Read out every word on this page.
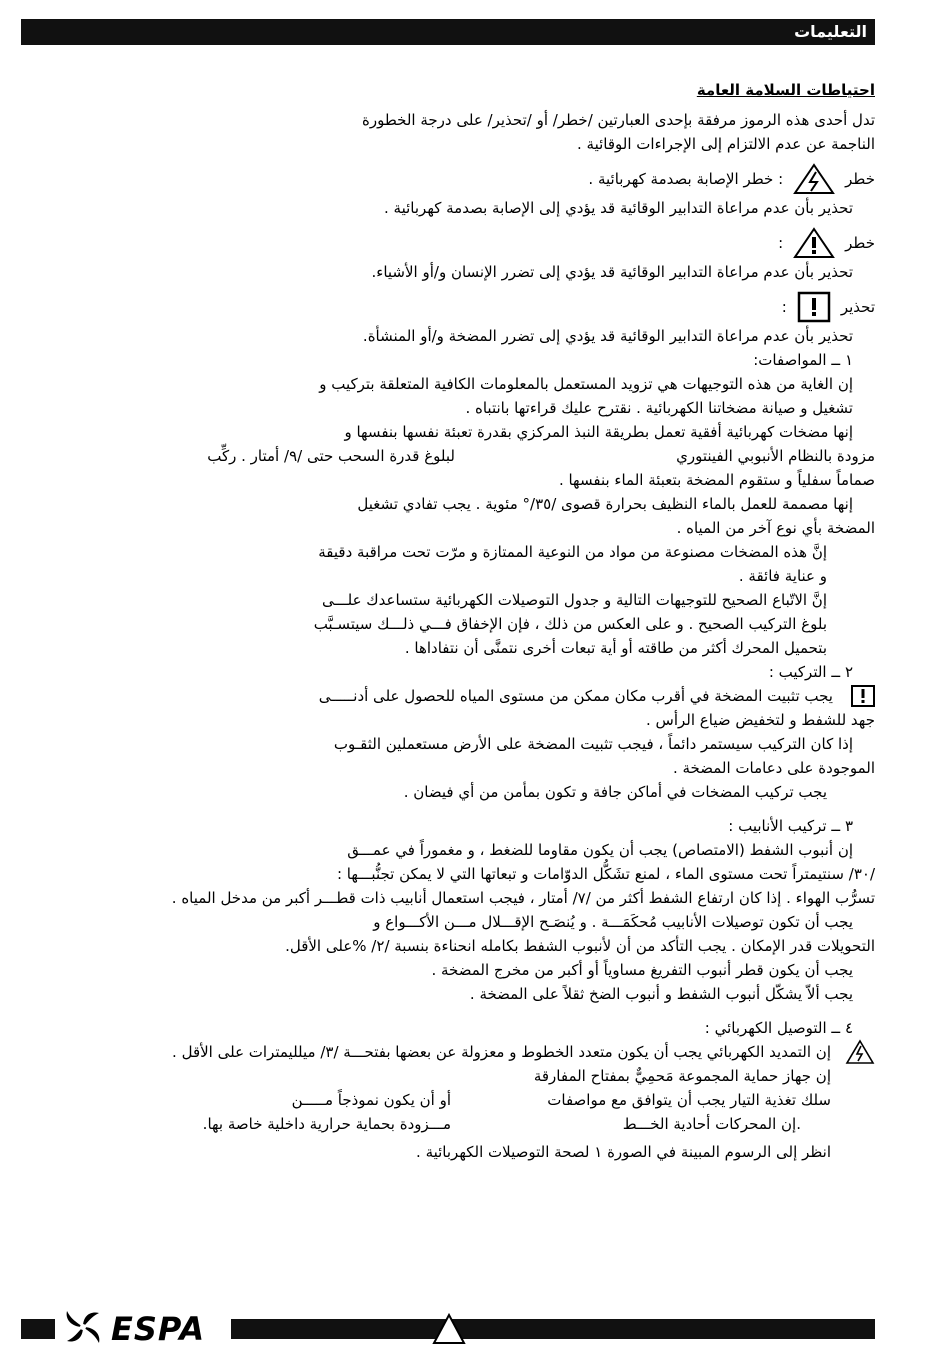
التعليمات
احتياطات السلامة العامة
تدل أحدى هذه الرموز مرفقة بإحدى العبارتين /خطر/ أو /تحذير/ على درجة الخطورة
الناجمة عن عدم الالتزام إلى الإجراءات الوقائية .
خطر
: خطر الإصابة بصدمة كهربائية .
تحذير بأن عدم مراعاة التدابير الوقائية قد يؤدي إلى الإصابة بصدمة كهربائية .
خطر
:
تحذير بأن عدم مراعاة التدابير الوقائية قد يؤدي إلى تضرر الإنسان و/أو الأشياء.
تحذير
:
تحذير بأن عدم مراعاة التدابير الوقائية قد يؤدي إلى تضرر المضخة و/أو المنشأة.
١ ــ المواصفات:
إن الغاية من هذه التوجيهات هي تزويد المستعمل بالمعلومات الكافية المتعلقة بتركيب و
تشغيل و صيانة مضخاتنا الكهربائية . نقترح عليك قراءتها بانتباه .
إنها مضخات كهربائية أفقية تعمل بطريقة النبذ المركزي بقدرة تعبئة نفسها بنفسها و
مزودة بالنظام الأنبوبي الفينتوري
لبلوغ قدرة السحب حتى /٩/ أمتار . ركِّب
صماماً سفلياً و ستقوم المضخة بتعبئة الماء بنفسها .
إنها مصممة للعمل بالماء النظيف بحرارة قصوى /٣٥/° مئوية . يجب تفادي تشغيل
المضخة بأي نوع آخر من المياه .
إنَّ هذه المضخات مصنوعة من مواد من النوعية الممتازة و مرّت تحت مراقبة دقيقة
و عناية فائقة .
إنَّ الاتّباع الصحيح للتوجيهات التالية و جدول التوصيلات الكهربائية ستساعدك علـــى
بلوغ التركيب الصحيح . و على العكس من ذلك ، فإن الإخفاق فـــي ذلـــك سيتسـبَّب
بتحميل المحرك أكثر من طاقته أو أية تبعات أخرى نتمنَّى أن نتفاداها .
٢ ــ التركيب :
يجب تثبيت المضخة في أقرب مكان ممكن من مستوى المياه للحصول على أدنـــــى
جهد للشفط و لتخفيض ضياع الرأس .
إذا كان التركيب سيستمر دائماً ، فيجب تثبيت المضخة على الأرض مستعملين الثقـوب
الموجودة على دعامات المضخة .
يجب تركيب المضخات في أماكن جافة و تكون بمأمن من أي فيضان .
٣ ــ تركيب الأنابيب :
إن أنبوب الشفط (الامتصاص) يجب أن يكون مقاوما للضغط ، و مغموراً في عمـــق
/٣٠/ سنتيمتراً تحت مستوى الماء ، لمنع تشَكُّل الدوّامات و تبعاتها التي لا يمكن تجنُّبـــها :
تسرُّب الهواء . إذا كان ارتفاع الشفط أكثر من /٧/ أمتار ، فيجب استعمال أنابيب ذات قطـــر أكبر من مدخل المياه .
يجب أن تكون توصيلات الأنابيب مُحكَمَـــة . و يُنصَـح الإقـــلال مـــن الأكـــواع و
التحويلات قدر الإمكان . يجب التأكد من أن لأنبوب الشفط بكامله انحناءة بنسبة /٢/ %على الأقل.
يجب أن يكون قطر أنبوب التفريغ مساوياً أو أكبر من مخرج المضخة .
يجب ألاّ يشكّل أنبوب الشفط و أنبوب الضخ ثقلاً على المضخة .
٤ ــ التوصيل الكهربائي :
إن التمديد الكهربائي يجب أن يكون متعدد الخطوط و معزولة عن بعضها بفتحـــة /٣/ ميلليمترات على الأقل .
إن جهاز حماية المجموعة مَحمِيٌّ بمفتاح المفارقة
سلك تغذية التيار يجب أن يتوافق مع مواصفات
أو أن يكون نموذجاً مـــــن
.إن المحركات أحادية الخـــط
مـــزودة بحماية حرارية داخلية خاصة بها.
انظر إلى الرسوم المبينة في الصورة ١ لصحة التوصيلات الكهربائية .
ESPA
